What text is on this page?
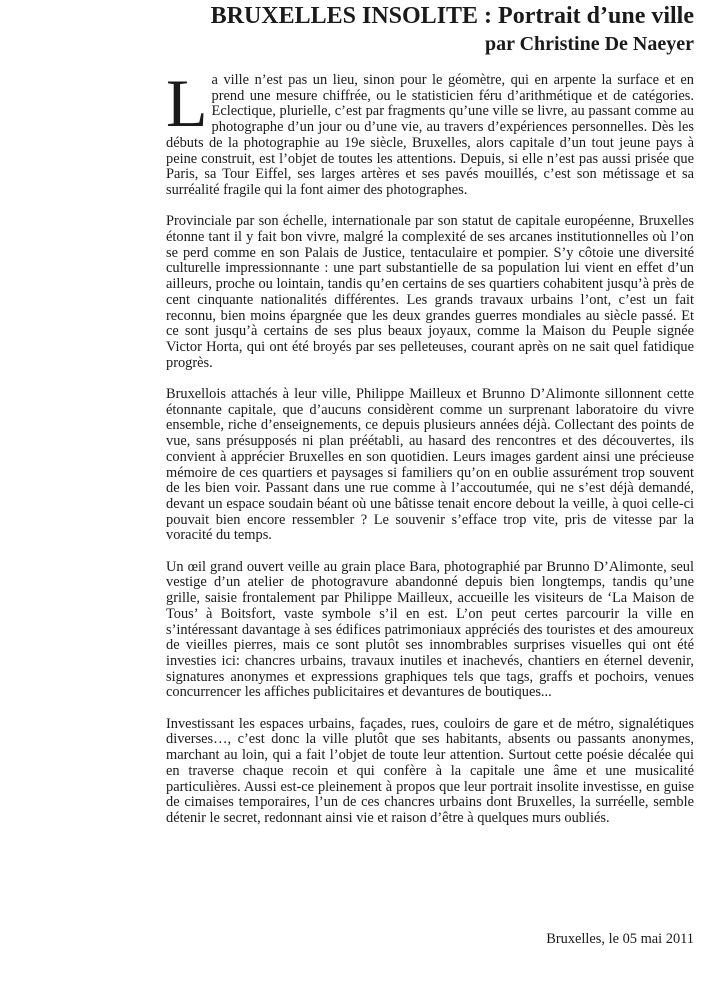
BRUXELLES INSOLITE : Portrait d’une ville
par Christine De Naeyer

La ville n’est pas un lieu, sinon pour le géomètre, qui en arpente la surface et en prend une mesure chiffrée, ou le statisticien féru d’arithmétique et de catégories. Eclectique, plurielle, c’est par fragments qu’une ville se livre, au passant comme au photographe d’un jour ou d’une vie, au travers d’expériences personnelles. Dès les débuts de la photographie au 19e siècle, Bruxelles, alors capitale d’un tout jeune pays à peine construit, est l’objet de toutes les attentions. Depuis, si elle n’est pas aussi prisée que Paris, sa Tour Eiffel, ses larges artères et ses pavés mouillés, c’est son métissage et sa surréalité fragile qui la font aimer des photographes.

Provinciale par son échelle, internationale par son statut de capitale européenne, Bruxelles étonne tant il y fait bon vivre, malgré la complexité de ses arcanes institutionnelles où l’on se perd comme en son Palais de Justice, tentaculaire et pompier. S’y côtoie une diversité culturelle impressionnante : une part substantielle de sa population lui vient en effet d’un ailleurs, proche ou lointain, tandis qu’en certains de ses quartiers cohabitent jusqu’à près de cent cinquante nationalités différentes. Les grands travaux urbains l’ont, c’est un fait reconnu, bien moins épargnée que les deux grandes guerres mondiales au siècle passé. Et ce sont jusqu’à certains de ses plus beaux joyaux, comme la Maison du Peuple signée Victor Horta, qui ont été broyés par ses pelleteuses, courant après on ne sait quel fatidique progrès.

Bruxellois attachés à leur ville, Philippe Mailleux et Brunno D’Alimonte sillonnent cette étonnante capitale, que d’aucuns considèrent comme un surprenant laboratoire du vivre ensemble, riche d’enseignements, ce depuis plusieurs années déjà. Collectant des points de vue, sans présupposés ni plan préétabli, au hasard des rencontres et des découvertes, ils convient à apprécier Bruxelles en son quotidien. Leurs images gardent ainsi une précieuse mémoire de ces quartiers et paysages si familiers qu’on en oublie assurément trop souvent de les bien voir. Passant dans une rue comme à l’accoutumée, qui ne s’est déjà demandé, devant un espace soudain béant où une bâtisse tenait encore debout la veille, à quoi celle-ci pouvait bien encore ressembler ? Le souvenir s’efface trop vite, pris de vitesse par la voracité du temps.

Un œil grand ouvert veille au grain place Bara, photographié par Brunno D’Alimonte, seul vestige d’un atelier de photogravure abandonné depuis bien longtemps, tandis qu’une grille, saisie frontalement par Philippe Mailleux, accueille les visiteurs de ‘La Maison de Tous’ à Boitsfort, vaste symbole s’il en est. L’on peut certes parcourir la ville en s’intéressant davantage à ses édifices patrimoniaux appréciés des touristes et des amoureux de vieilles pierres, mais ce sont plutôt ses innombrables surprises visuelles qui ont été investies ici: chancres urbains, travaux inutiles et inachevés, chantiers en éternel devenir, signatures anonymes et expressions graphiques tels que tags, graffs et pochoirs, venues concurrencer les affiches publicitaires et devantures de boutiques...

Investissant les espaces urbains, façades, rues, couloirs de gare et de métro, signalétiques diverses…, c’est donc la ville plutôt que ses habitants, absents ou passants anonymes, marchant au loin, qui a fait l’objet de toute leur attention. Surtout cette poésie décalée qui en traverse chaque recoin et qui confère à la capitale une âme et une musicalité particulières. Aussi est-ce pleinement à propos que leur portrait insolite investisse, en guise de cimaises temporaires, l’un de ces chancres urbains dont Bruxelles, la surréelle, semble détenir le secret, redonnant ainsi vie et raison d’être à quelques murs oubliés.

Bruxelles, le 05 mai 2011
